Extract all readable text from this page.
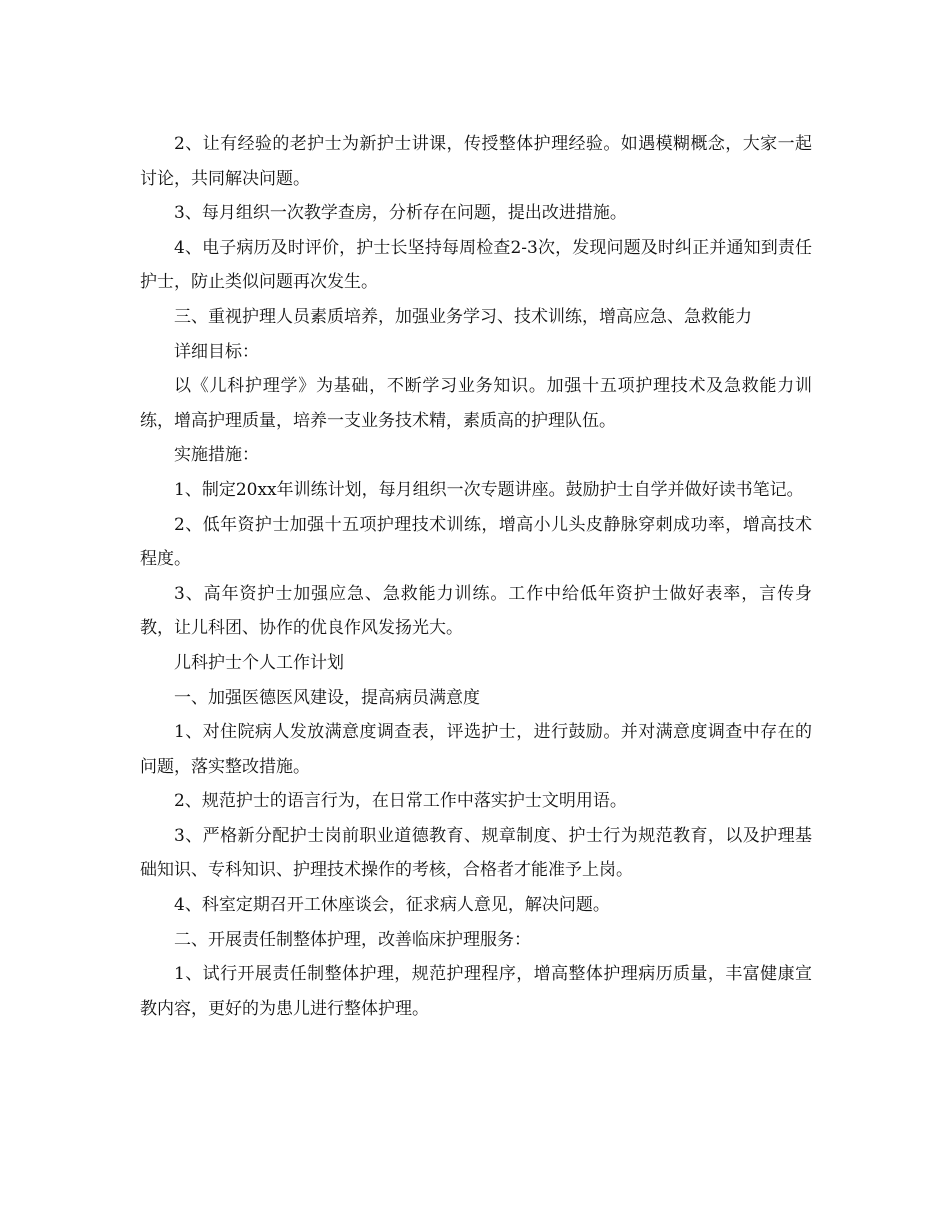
2、让有经验的老护士为新护士讲课，传授整体护理经验。如遇模糊概念，大家一起讨论，共同解决问题。

3、每月组织一次教学查房，分析存在问题，提出改进措施。

4、电子病历及时评价，护士长坚持每周检查2-3次，发现问题及时纠正并通知到责任护士，防止类似问题再次发生。

三、重视护理人员素质培养，加强业务学习、技术训练，增高应急、急救能力

详细目标：

以《儿科护理学》为基础，不断学习业务知识。加强十五项护理技术及急救能力训练，增高护理质量，培养一支业务技术精，素质高的护理队伍。

实施措施：

1、制定20xx年训练计划，每月组织一次专题讲座。鼓励护士自学并做好读书笔记。

2、低年资护士加强十五项护理技术训练，增高小儿头皮静脉穿刺成功率，增高技术程度。

3、高年资护士加强应急、急救能力训练。工作中给低年资护士做好表率，言传身教，让儿科团、协作的优良作风发扬光大。

儿科护士个人工作计划

一、加强医德医风建设，提高病员满意度

1、对住院病人发放满意度调查表，评选护士，进行鼓励。并对满意度调查中存在的问题，落实整改措施。

2、规范护士的语言行为，在日常工作中落实护士文明用语。

3、严格新分配护士岗前职业道德教育、规章制度、护士行为规范教育，以及护理基础知识、专科知识、护理技术操作的考核，合格者才能准予上岗。

4、科室定期召开工休座谈会，征求病人意见，解决问题。

二、开展责任制整体护理，改善临床护理服务：

1、试行开展责任制整体护理，规范护理程序，增高整体护理病历质量，丰富健康宣教内容，更好的为患儿进行整体护理。
